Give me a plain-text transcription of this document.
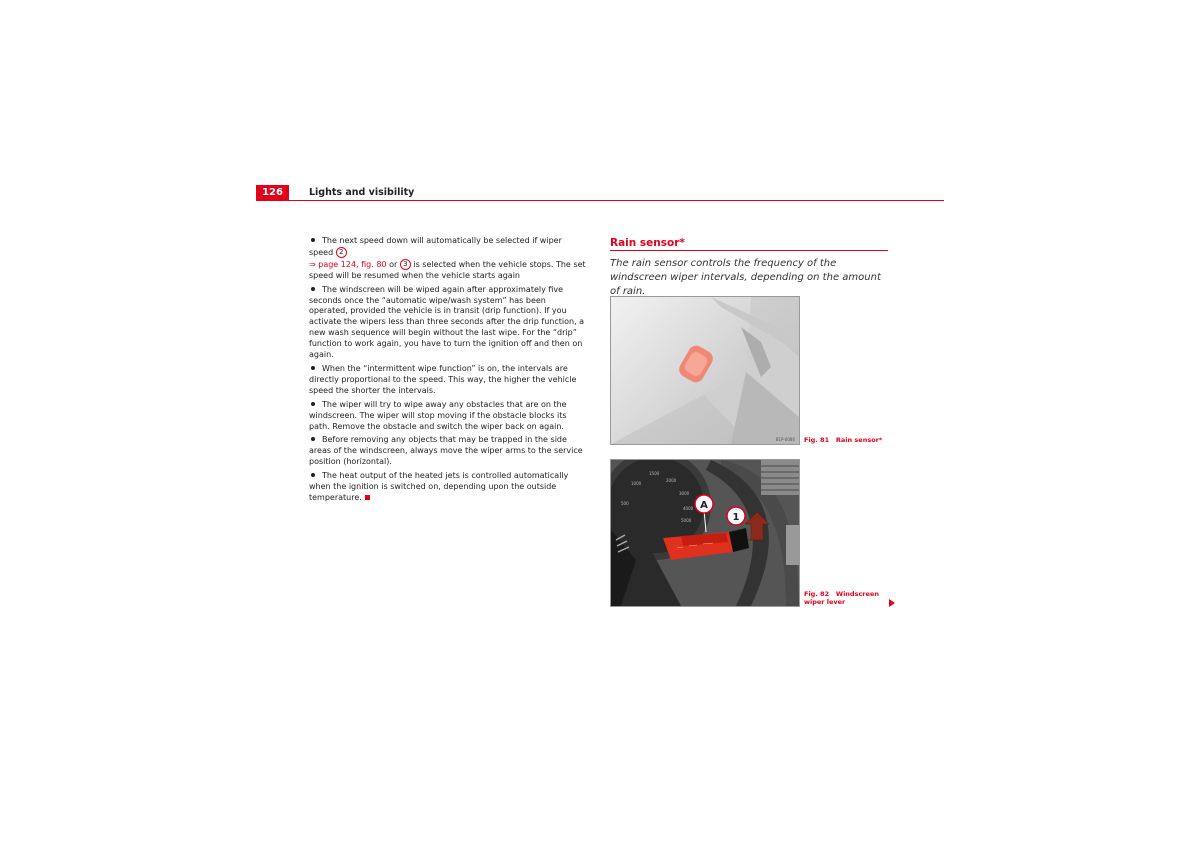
126	Lights and visibility

The next speed down will automatically be selected if wiper speed 2
⇒ page 124, fig. 80 or 3 is selected when the vehicle stops. The set speed will be resumed when the vehicle starts again

The windscreen will be wiped again after approximately five seconds once the “automatic wipe/wash system” has been operated, provided the vehicle is in transit (drip function). If you activate the wipers less than three seconds after the drip function, a new wash sequence will begin without the last wipe. For the “drip” function to work again, you have to turn the ignition off and then on again.

When the “intermittent wipe function” is on, the intervals are directly proportional to the speed. This way, the higher the vehicle speed the shorter the intervals.

The wiper will try to wipe away any obstacles that are on the windscreen. The wiper will stop moving if the obstacle blocks its path. Remove the obstacle and switch the wiper back on again.

Before removing any objects that may be trapped in the side areas of the windscreen, always move the wiper arms to the service position (horizontal).

The heat output of the heated jets is controlled automatically when the ignition is switched on, depending upon the outside temperature.

Rain sensor*
The rain sensor controls the frequency of the windscreen wiper intervals, depending on the amount of rain.
B1P-0086 Fig. 81 Rain sensor*
500
1000
1500
2000
3000
4000
5000
A
1
B1P-0137
Fig. 82 Windscreen wiper lever
